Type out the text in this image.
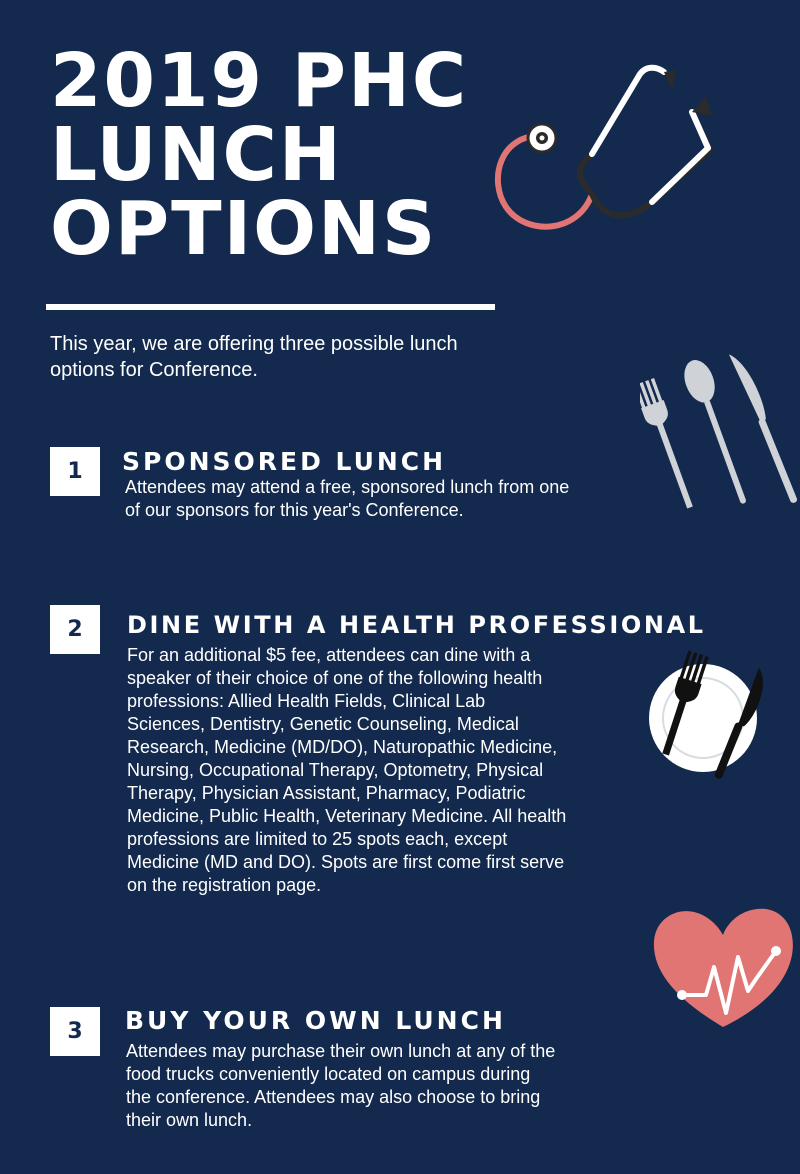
2019 PHC
LUNCH
OPTIONS

This year, we are offering three possible lunch options for Conference.

1	SPONSORED LUNCH

Attendees may attend a free, sponsored lunch from one of our sponsors for this year's Conference.

2	DINE WITH A HEALTH PROFESSIONAL

For an additional $5 fee, attendees can dine with a speaker of their choice of one of the following health professions: Allied Health Fields, Clinical Lab Sciences, Dentistry, Genetic Counseling, Medical Research, Medicine (MD/DO), Naturopathic Medicine, Nursing, Occupational Therapy, Optometry, Physical Therapy, Physician Assistant, Pharmacy, Podiatric Medicine, Public Health, Veterinary Medicine. All health professions are limited to 25 spots each, except Medicine (MD and DO). Spots are first come first serve on the registration page.

3	BUY YOUR OWN LUNCH

Attendees may purchase their own lunch at any of the food trucks conveniently located on campus during the conference. Attendees may also choose to bring their own lunch.
